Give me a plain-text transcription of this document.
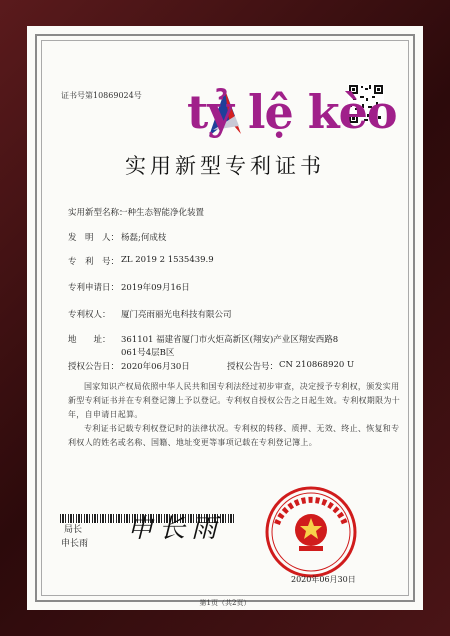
证书号第10869024号
实用新型专利证书
实用新型名称：
一种生态智能净化装置
发　明　人： 杨磊;何成枝
专　利　号： ZL 2019 2 1535439.9
专利申请日： 2019年09月16日
专利权人： 厦门亮雨丽光电科技有限公司
地　　址： 361101 福建省厦门市火炬高新区(翔安)产业区翔安西路8
061号4层B区
授权公告日： 2020年06月30日	授权公告号： CN 210868920 U
国家知识产权局依照中华人民共和国专利法经过初步审查，决定授予专利权，颁发实用新型专利证书并在专利登记簿上予以登记。专利权自授权公告之日起生效。专利权期限为十年，自申请日起算。
专利证书记载专利权登记时的法律状况。专利权的转移、质押、无效、终止、恢复和专利权人的姓名或名称、国籍、地址变更等事项记载在专利登记簿上。
局长
申长雨 申长雨
2020年06月30日
第1页（共2页）
tỷ lệ kèo
